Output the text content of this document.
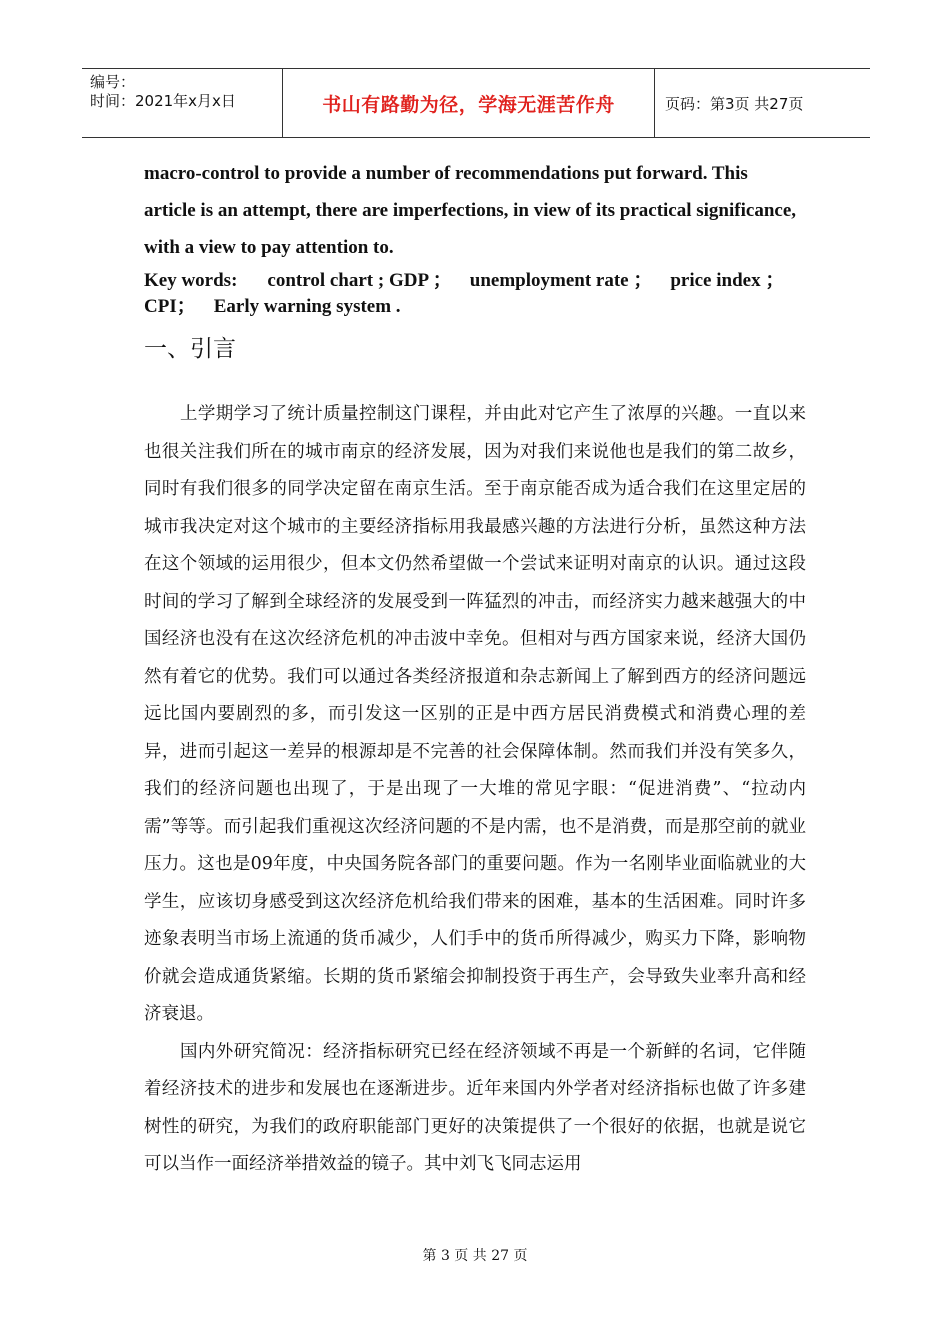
编号：
时间：2021年x月x日	书山有路勤为径，学海无涯苦作舟	页码：第3页 共27页

macro-control to provide a number of recommendations put forward. This

article is an attempt, there are imperfections, in view of its practical significance,

with a view to pay attention to.

Key words: control chart ; GDP ； unemployment rate ； price index ；

CPI； Early warning system .

一、引言

上学期学习了统计质量控制这门课程，并由此对它产生了浓厚的兴趣。一直以来也很关注我们所在的城市南京的经济发展，因为对我们来说他也是我们的第二故乡，同时有我们很多的同学决定留在南京生活。至于南京能否成为适合我们在这里定居的城市我决定对这个城市的主要经济指标用我最感兴趣的方法进行分析，虽然这种方法在这个领域的运用很少，但本文仍然希望做一个尝试来证明对南京的认识。通过这段时间的学习了解到全球经济的发展受到一阵猛烈的冲击，而经济实力越来越强大的中国经济也没有在这次经济危机的冲击波中幸免。但相对与西方国家来说，经济大国仍然有着它的优势。我们可以通过各类经济报道和杂志新闻上了解到西方的经济问题远远比国内要剧烈的多，而引发这一区别的正是中西方居民消费模式和消费心理的差异，进而引起这一差异的根源却是不完善的社会保障体制。然而我们并没有笑多久，我们的经济问题也出现了，于是出现了一大堆的常见字眼：“促进消费”、“拉动内需”等等。而引起我们重视这次经济问题的不是内需，也不是消费，而是那空前的就业压力。这也是09年度，中央国务院各部门的重要问题。作为一名刚毕业面临就业的大学生，应该切身感受到这次经济危机给我们带来的困难，基本的生活困难。同时许多迹象表明当市场上流通的货币减少，人们手中的货币所得减少，购买力下降，影响物价就会造成通货紧缩。长期的货币紧缩会抑制投资于再生产，会导致失业率升高和经济衰退。

国内外研究简况：经济指标研究已经在经济领域不再是一个新鲜的名词，它伴随着经济技术的进步和发展也在逐渐进步。近年来国内外学者对经济指标也做了许多建树性的研究，为我们的政府职能部门更好的决策提供了一个很好的依据，也就是说它可以当作一面经济举措效益的镜子。其中刘飞飞同志运用

第 3 页 共 27 页
